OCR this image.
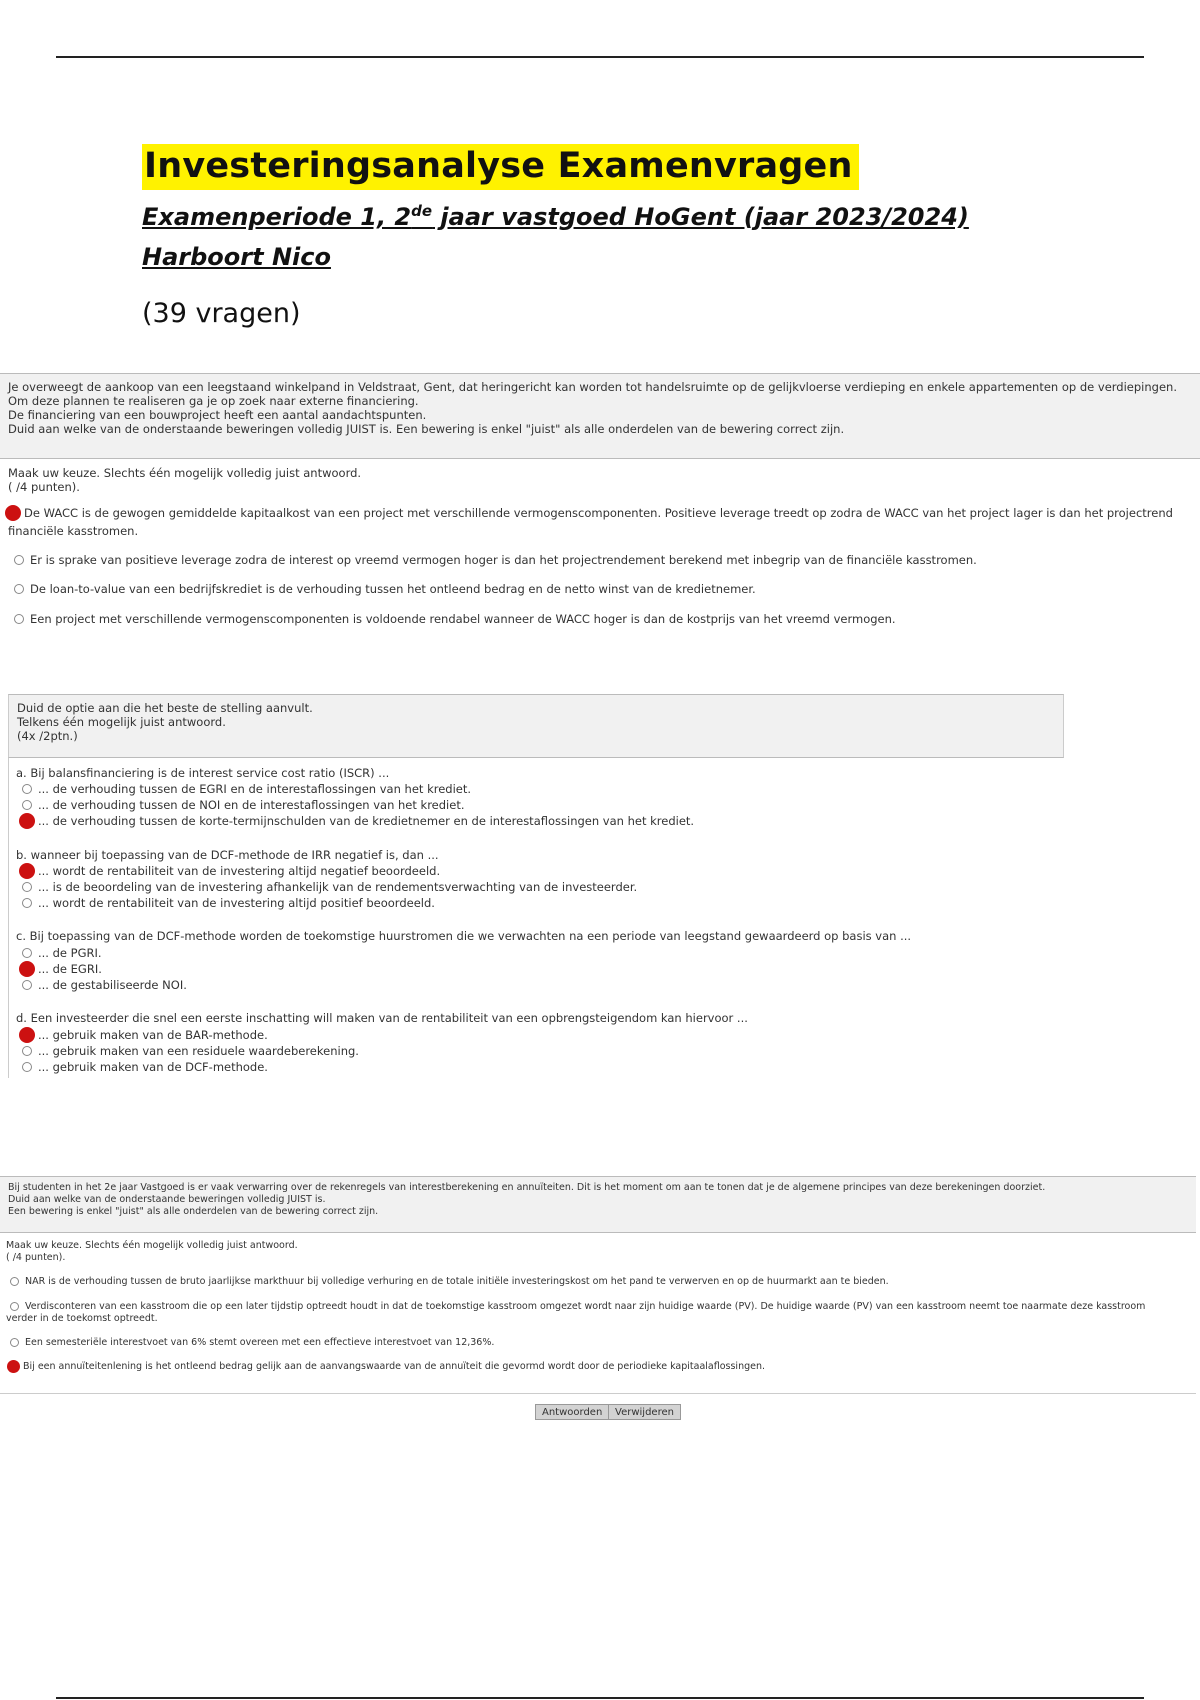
Investeringsanalyse Examenvragen
Examenperiode 1, 2de jaar vastgoed HoGent (jaar 2023/2024)
Harboort Nico
(39 vragen)
Je overweegt de aankoop van een leegstaand winkelpand in Veldstraat, Gent, dat heringericht kan worden tot handelsruimte op de gelijkvloerse verdieping en enkele appartementen op de verdiepingen.
Om deze plannen te realiseren ga je op zoek naar externe financiering.
De financiering van een bouwproject heeft een aantal aandachtspunten.
Duid aan welke van de onderstaande beweringen volledig JUIST is. Een bewering is enkel "juist" als alle onderdelen van de bewering correct zijn.
Maak uw keuze. Slechts één mogelijk volledig juist antwoord.
( /4 punten).
De WACC is de gewogen gemiddelde kapitaalkost van een project met verschillende vermogenscomponenten. Positieve leverage treedt op zodra de WACC van het project lager is dan het projectrend
financiële kasstromen.
Er is sprake van positieve leverage zodra de interest op vreemd vermogen hoger is dan het projectrendement berekend met inbegrip van de financiële kasstromen.
De loan-to-value van een bedrijfskrediet is de verhouding tussen het ontleend bedrag en de netto winst van de kredietnemer.
Een project met verschillende vermogenscomponenten is voldoende rendabel wanneer de WACC hoger is dan de kostprijs van het vreemd vermogen.
Duid de optie aan die het beste de stelling aanvult.
Telkens één mogelijk juist antwoord.
(4x /2ptn.)
a. Bij balansfinanciering is de interest service cost ratio (ISCR) ...
... de verhouding tussen de EGRI en de interestaflossingen van het krediet.
... de verhouding tussen de NOI en de interestaflossingen van het krediet.
... de verhouding tussen de korte-termijnschulden van de kredietnemer en de interestaflossingen van het krediet.
b. wanneer bij toepassing van de DCF-methode de IRR negatief is, dan ...
... wordt de rentabiliteit van de investering altijd negatief beoordeeld.
... is de beoordeling van de investering afhankelijk van de rendementsverwachting van de investeerder.
... wordt de rentabiliteit van de investering altijd positief beoordeeld.
c. Bij toepassing van de DCF-methode worden de toekomstige huurstromen die we verwachten na een periode van leegstand gewaardeerd op basis van ...
... de PGRI.
... de EGRI.
... de gestabiliseerde NOI.
d. Een investeerder die snel een eerste inschatting will maken van de rentabiliteit van een opbrengsteigendom kan hiervoor ...
... gebruik maken van de BAR-methode.
... gebruik maken van een residuele waardeberekening.
... gebruik maken van de DCF-methode.
Bij studenten in het 2e jaar Vastgoed is er vaak verwarring over de rekenregels van interestberekening en annuïteiten. Dit is het moment om aan te tonen dat je de algemene principes van deze berekeningen doorziet.
Duid aan welke van de onderstaande beweringen volledig JUIST is.
Een bewering is enkel "juist" als alle onderdelen van de bewering correct zijn.
Maak uw keuze. Slechts één mogelijk volledig juist antwoord.
( /4 punten).
NAR is de verhouding tussen de bruto jaarlijkse markthuur bij volledige verhuring en de totale initiële investeringskost om het pand te verwerven en op de huurmarkt aan te bieden.
Verdisconteren van een kasstroom die op een later tijdstip optreedt houdt in dat de toekomstige kasstroom omgezet wordt naar zijn huidige waarde (PV). De huidige waarde (PV) van een kasstroom neemt toe naarmate deze kasstroom
verder in de toekomst optreedt.
Een semesteriële interestvoet van 6% stemt overeen met een effectieve interestvoet van 12,36%.
Bij een annuïteitenlening is het ontleend bedrag gelijk aan de aanvangswaarde van de annuïteit die gevormd wordt door de periodieke kapitaalaflossingen.
Antwoorden	Verwijderen
